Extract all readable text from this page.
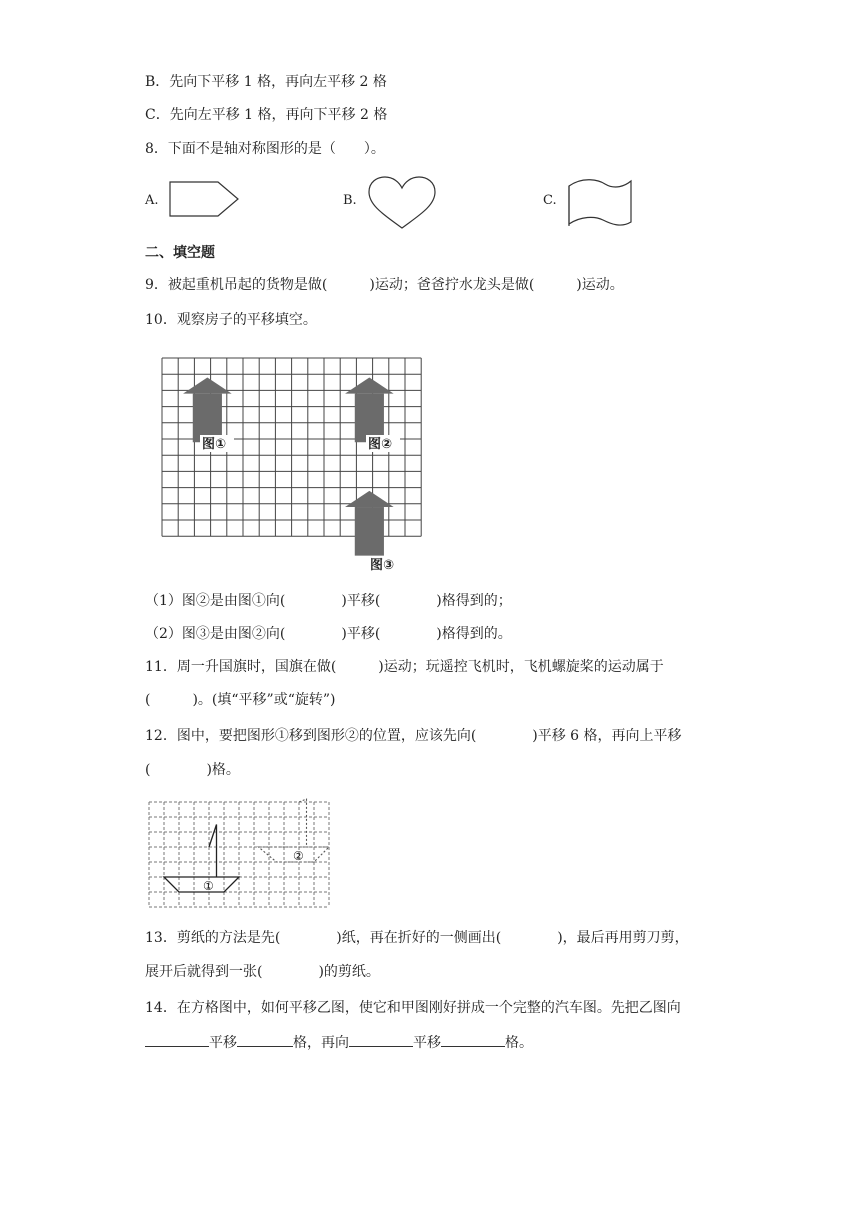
B．先向下平移 1 格，再向左平移 2 格
C．先向左平移 1 格，再向下平移 2 格
8．下面不是轴对称图形的是（　　）。
A.	B.	C.
二、填空题
9．被起重机吊起的货物是做(　　　)运动；爸爸拧水龙头是做(　　　)运动。
10．观察房子的平移填空。
图①	图②
图③
（1）图②是由图①向(　　　　)平移(　　　　)格得到的；
（2）图③是由图②向(　　　　)平移(　　　　)格得到的。
11．周一升国旗时，国旗在做(　　　)运动；玩遥控飞机时，飞机螺旋桨的运动属于
(　　　)。(填“平移”或“旋转”)
12．图中，要把图形①移到图形②的位置，应该先向(　　　　)平移 6 格，再向上平移
(　　　　)格。
①
②
13．剪纸的方法是先(　　　　)纸，再在折好的一侧画出(　　　　)，最后再用剪刀剪，
展开后就得到一张(　　　　)的剪纸。
14．在方格图中，如何平移乙图，使它和甲图刚好拼成一个完整的汽车图。先把乙图向
平移	格，再向	平移	格。
